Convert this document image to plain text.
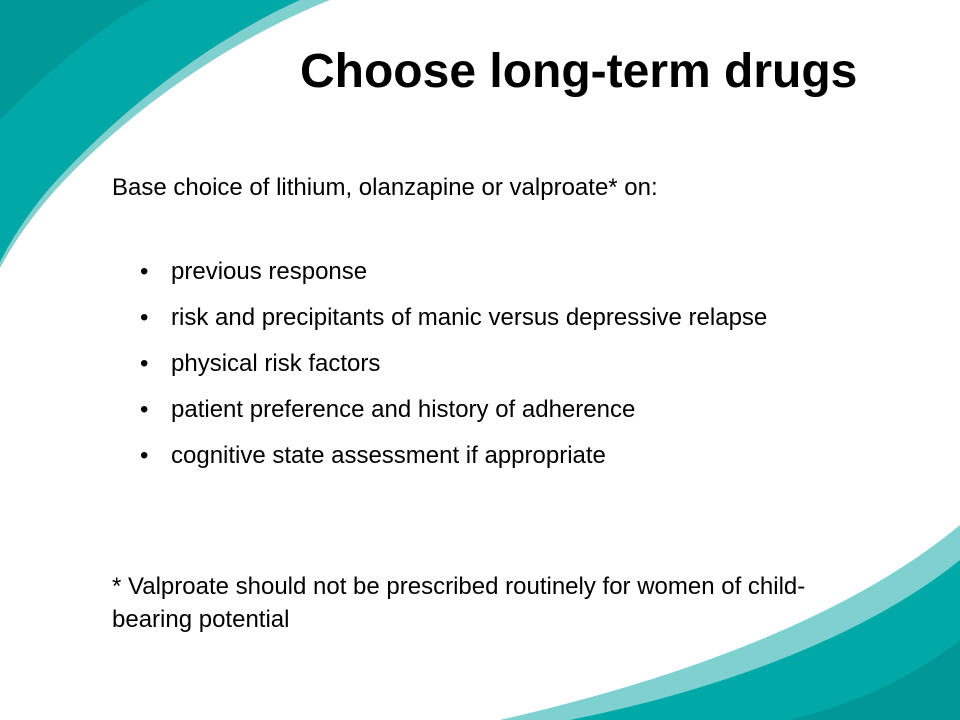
Choose long-term drugs
Base choice of lithium, olanzapine or valproate* on:
• previous response
• risk and precipitants of manic versus depressive relapse
• physical risk factors
• patient preference and history of adherence
• cognitive state assessment if appropriate
* Valproate should not be prescribed routinely for women of child-bearing potential
